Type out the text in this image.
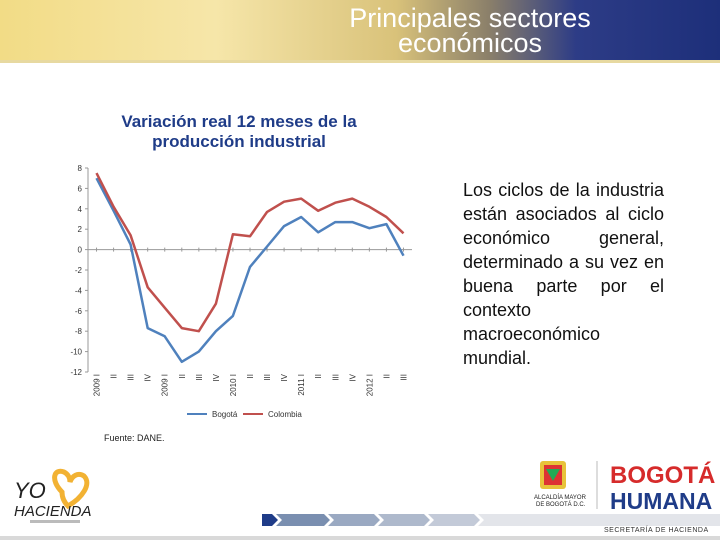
Principales sectores
económicos
Variación real 12 meses de la
producción industrial
8
6
4
2
0
-2
-4
-6
-8
-10
-12
2009 I II III IV 2009 I II III IV 2010 I II III IV 2011 I II III IV 2012 I II III
Bogotá	Colombia
Los ciclos de la industria están asociados al ciclo económico general, determinado a su vez en buena parte por el contexto macroeconómico mundial.
Fuente: DANE.
YO
HACIENDA
ALCALDÍA MAYOR
DE BOGOTÁ D.C.
BOGOTÁ
HUMANA
SECRETARÍA DE HACIENDA
